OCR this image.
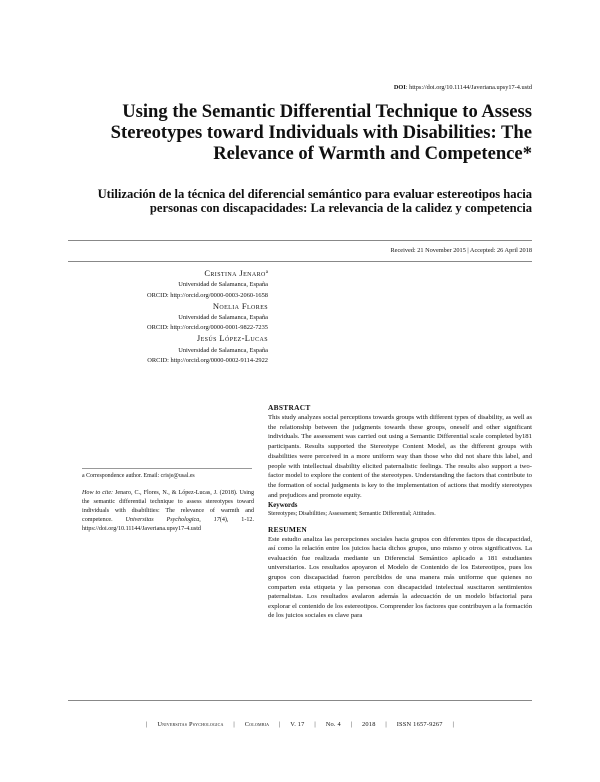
DOI: https://doi.org/10.11144/Javeriana.upsy17-4.ustd
Using the Semantic Differential Technique to Assess Stereotypes toward Individuals with Disabilities: The Relevance of Warmth and Competence*
Utilización de la técnica del diferencial semántico para evaluar estereotipos hacia personas con discapacidades: La relevancia de la calidez y competencia
Received: 21 November 2015 | Accepted: 26 April 2018
Cristina Jenaro$^a$
Universidad de Salamanca, España
ORCID: http://orcid.org/0000-0003-2060-1658
Noelia Flores
Universidad de Salamanca, España
ORCID: http://orcid.org/0000-0001-9822-7235
Jesús López-Lucas
Universidad de Salamanca, España
ORCID: http://orcid.org/0000-0002-9114-2922
ABSTRACT
This study analyzes social perceptions towards groups with different types of disability, as well as the relationship between the judgments towards these groups, oneself and other significant individuals. The assessment was carried out using a Semantic Differential scale completed by181 participants. Results supported the Stereotype Content Model, as the different groups with disabilities were perceived in a more uniform way than those who did not share this label, and people with intellectual disability elicited paternalistic feelings. The results also support a two-factor model to explore the content of the stereotypes. Understanding the factors that contribute to the formation of social judgments is key to the implementation of actions that modify stereotypes and prejudices and promote equity.
Keywords
Stereotypes; Disabilities; Assessment; Semantic Differential; Attitudes.
a Correspondence author. Email: crisje@usal.es
How to cite: Jenaro, C., Flores, N., & López-Lucas, J. (2018). Using the semantic differential technique to assess stereotypes toward individuals with disabilities: The relevance of warmth and competence. Universitas Psychologica, 17(4), 1-12. https://doi.org/10.11144/Javeriana.upsy17-4.ustd	RESUMEN
Este estudio analiza las percepciones sociales hacia grupos con diferentes tipos de discapacidad, así como la relación entre los juicios hacia dichos grupos, uno mismo y otros significativos. La evaluación fue realizada mediante un Diferencial Semántico aplicado a 181 estudiantes universitarios. Los resultados apoyaron el Modelo de Contenido de los Estereotipos, pues los grupos con discapacidad fueron percibidos de una manera más uniforme que quienes no comparten esta etiqueta y las personas con discapacidad intelectual suscitaron sentimientos paternalistas. Los resultados avalaron además la adecuación de un modelo bifactorial para explorar el contenido de los estereotipos. Comprender los factores que contribuyen a la formación de los juicios sociales es clave para
| Universitas Psychologica | Colombia | V. 17 | No. 4 | 2018 | ISSN 1657-9267 |
